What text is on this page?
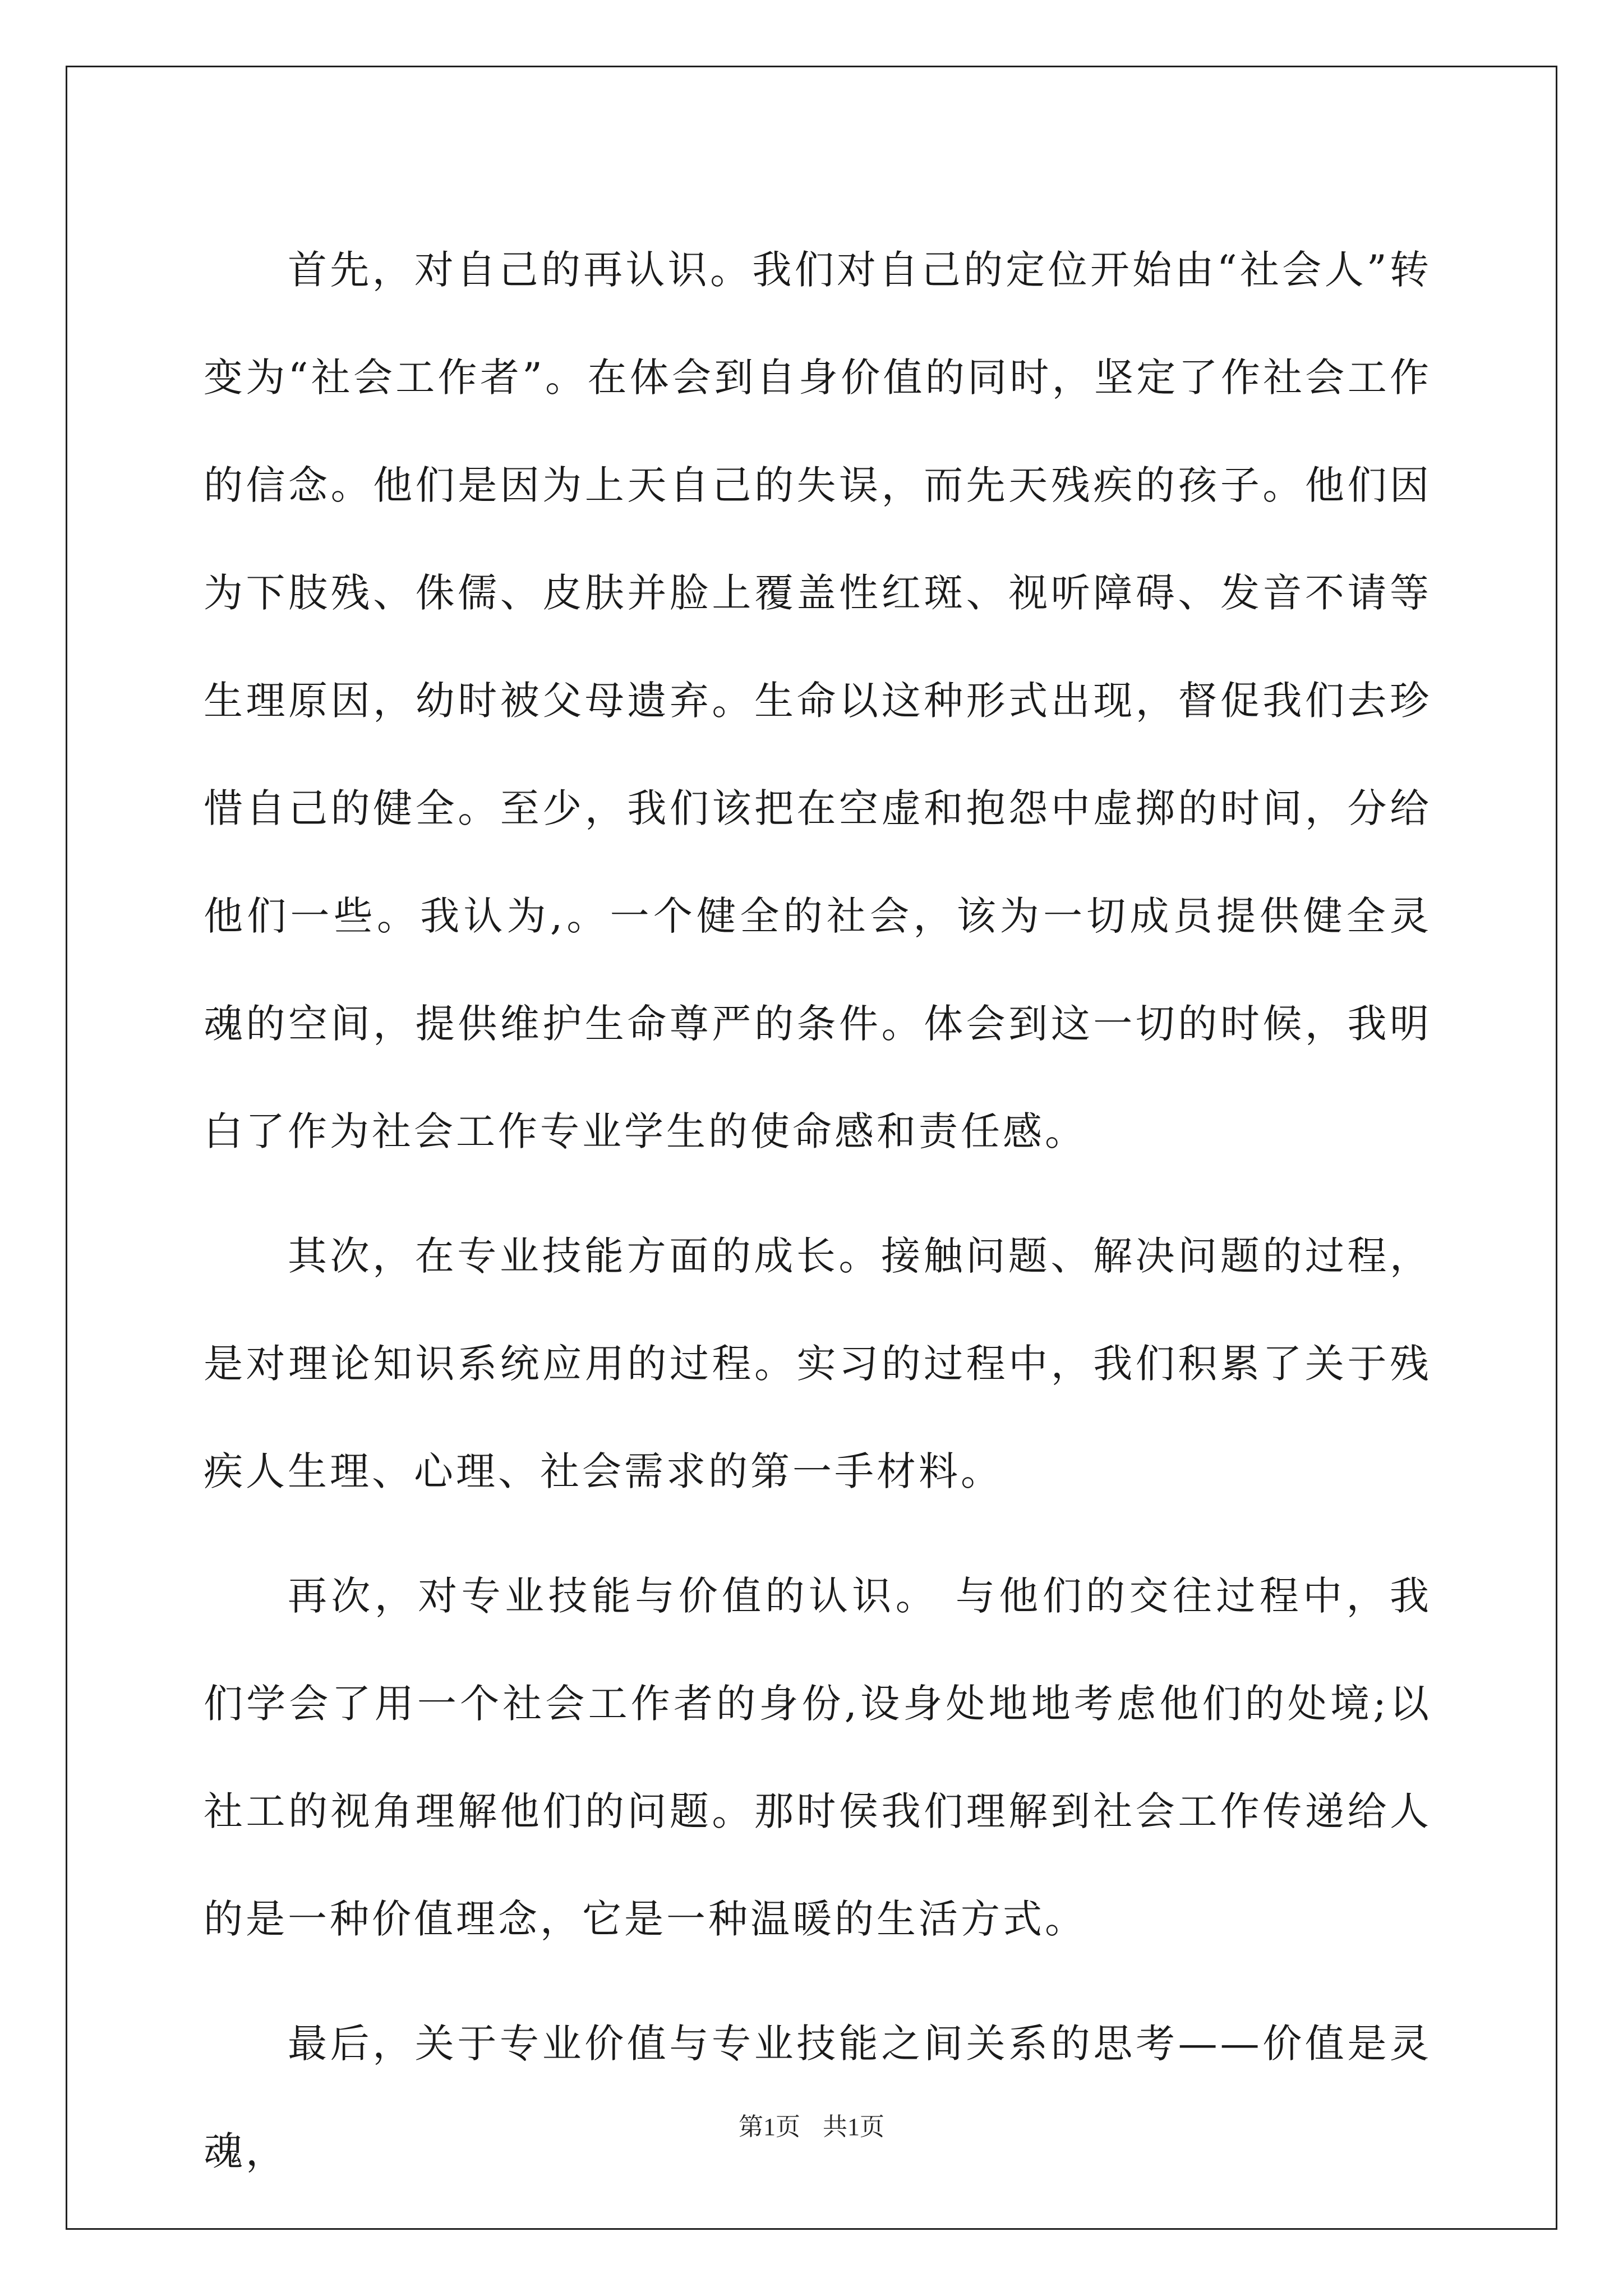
首先，对自己的再认识。我们对自己的定位开始由“社会人”转变为“社会工作者”。在体会到自身价值的同时，坚定了作社会工作的信念。他们是因为上天自己的失误，而先天残疾的孩子。他们因为下肢残、侏儒、皮肤并脸上覆盖性红斑、视听障碍、发音不请等生理原因，幼时被父母遗弃。生命以这种形式出现，督促我们去珍惜自己的健全。至少，我们该把在空虚和抱怨中虚掷的时间，分给他们一些。我认为,。一个健全的社会，该为一切成员提供健全灵魂的空间，提供维护生命尊严的条件。体会到这一切的时候，我明白了作为社会工作专业学生的使命感和责任感。

其次，在专业技能方面的成长。接触问题、解决问题的过程，是对理论知识系统应用的过程。实习的过程中，我们积累了关于残疾人生理、心理、社会需求的第一手材料。

再次，对专业技能与价值的认识。 与他们的交往过程中，我们学会了用一个社会工作者的身份,设身处地地考虑他们的处境;以社工的视角理解他们的问题。那时侯我们理解到社会工作传递给人的是一种价值理念，它是一种温暖的生活方式。

最后，关于专业价值与专业技能之间关系的思考——价值是灵魂，

第1页 共1页
